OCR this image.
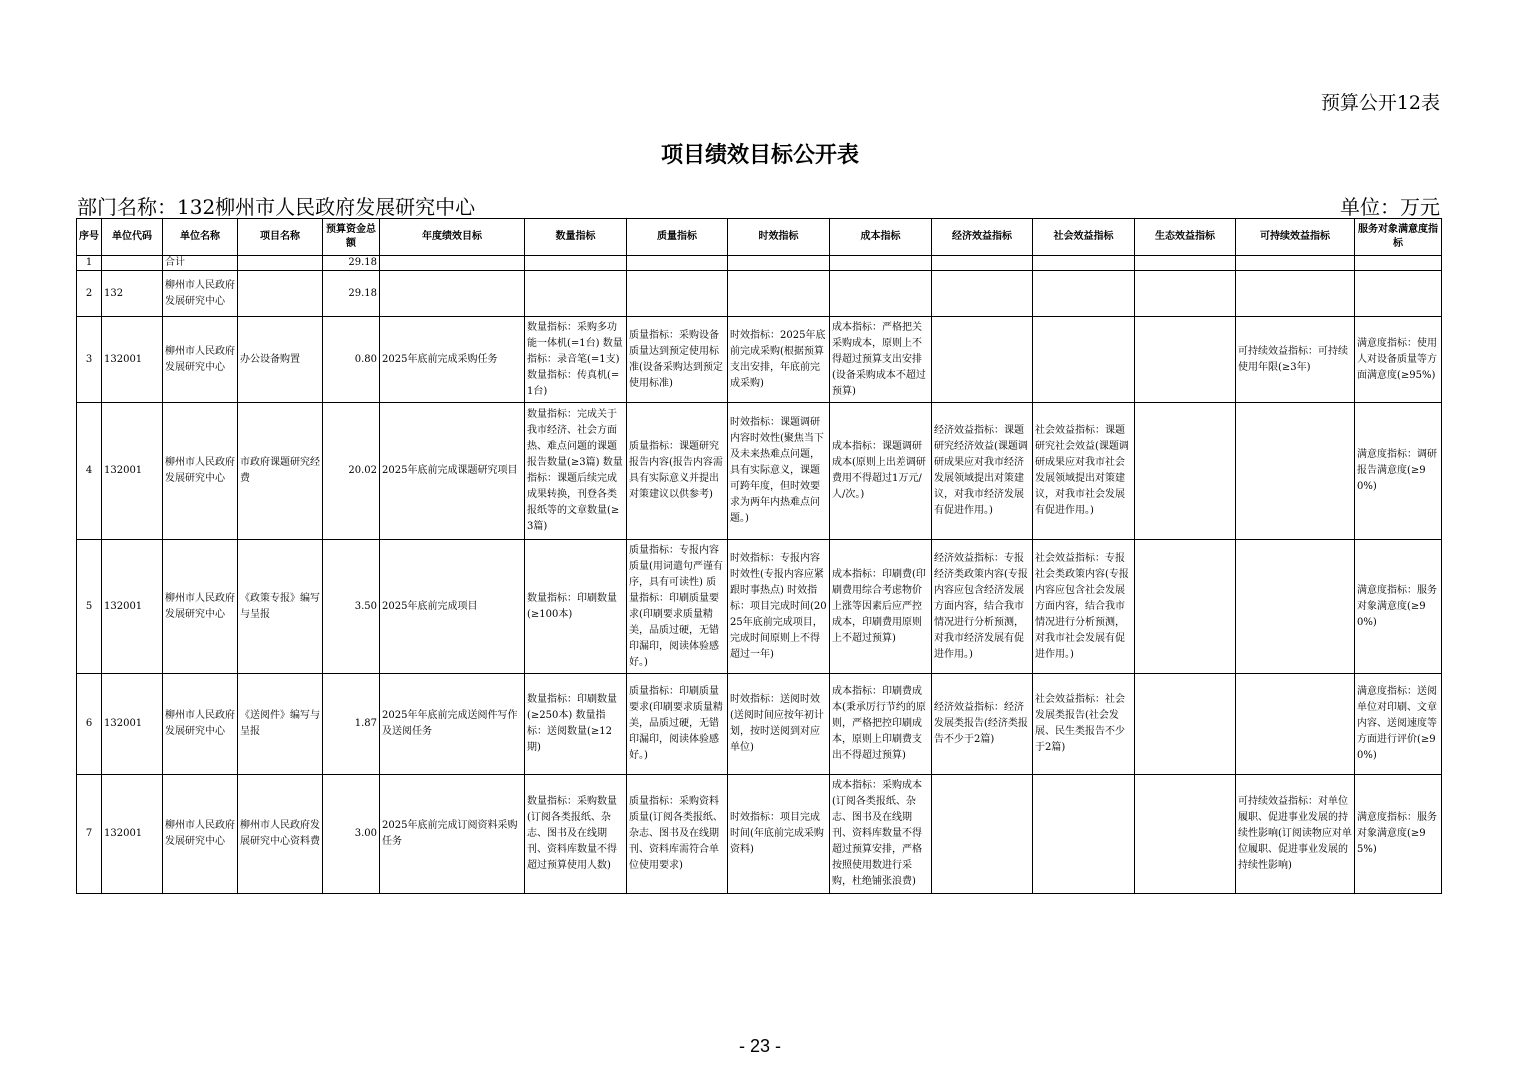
预算公开12表
项目绩效目标公开表
部门名称：132柳州市人民政府发展研究中心	单位：万元
序号	单位代码	单位名称	项目名称	预算资金总额	年度绩效目标	数量指标	质量指标	时效指标	成本指标	经济效益指标	社会效益指标	生态效益指标	可持续效益指标	服务对象满意度指标
1		合计		29.18										
2	132	柳州市人民政府发展研究中心		29.18										
3	132001	柳州市人民政府发展研究中心	办公设备购置	0.80	2025年底前完成采购任务	数量指标：采购多功能一体机(=1台) 数量指标：录音笔(=1支) 数量指标：传真机(=1台)	质量指标：采购设备质量达到预定使用标准(设备采购达到预定使用标准)	时效指标：2025年底前完成采购(根据预算支出安排，年底前完成采购)	成本指标：严格把关采购成本，原则上不得超过预算支出安排(设备采购成本不超过预算)				可持续效益指标：可持续使用年限(≥3年)	满意度指标：使用人对设备质量等方面满意度(≥95%)
4	132001	柳州市人民政府发展研究中心	市政府课题研究经费	20.02	2025年底前完成课题研究项目	数量指标：完成关于我市经济、社会方面热、难点问题的课题报告数量(≥3篇) 数量指标：课题后续完成成果转换，刊登各类报纸等的文章数量(≥3篇)	质量指标：课题研究报告内容(报告内容需具有实际意义并提出对策建议以供参考)	时效指标：课题调研内容时效性(聚焦当下及未来热难点问题，具有实际意义，课题可跨年度，但时效要求为两年内热难点问题。)	成本指标：课题调研成本(原则上出差调研费用不得超过1万元/人/次。)	经济效益指标：课题研究经济效益(课题调研成果应对我市经济发展领域提出对策建议，对我市经济发展有促进作用。)	社会效益指标：课题研究社会效益(课题调研成果应对我市社会发展领域提出对策建议，对我市社会发展有促进作用。)			满意度指标：调研报告满意度(≥90%)
5	132001	柳州市人民政府发展研究中心	《政策专报》编写与呈报	3.50	2025年底前完成项目	数量指标：印刷数量(≥100本)	质量指标：专报内容质量(用词遣句严谨有序，具有可读性) 质量指标：印刷质量要求(印刷要求质量精美，品质过硬，无错印漏印，阅读体验感好。)	时效指标：专报内容时效性(专报内容应紧跟时事热点) 时效指标：项目完成时间(2025年底前完成项目，完成时间原则上不得超过一年)	成本指标：印刷费(印刷费用综合考虑物价上涨等因素后应严控成本，印刷费用原则上不超过预算)	经济效益指标：专报经济类政策内容(专报内容应包含经济发展方面内容，结合我市情况进行分析预测，对我市经济发展有促进作用。)	社会效益指标：专报社会类政策内容(专报内容应包含社会发展方面内容，结合我市情况进行分析预测，对我市社会发展有促进作用。)			满意度指标：服务对象满意度(≥90%)
6	132001	柳州市人民政府发展研究中心	《送阅件》编写与呈报	1.87	2025年年底前完成送阅件写作及送阅任务	数量指标：印刷数量(≥250本) 数量指标：送阅数量(≥12期)	质量指标：印刷质量要求(印刷要求质量精美，品质过硬，无错印漏印，阅读体验感好。)	时效指标：送阅时效(送阅时间应按年初计划，按时送阅到对应单位)	成本指标：印刷费成本(秉承厉行节约的原则，严格把控印刷成本，原则上印刷费支出不得超过预算)	经济效益指标：经济发展类报告(经济类报告不少于2篇)	社会效益指标：社会发展类报告(社会发展、民生类报告不少于2篇)			满意度指标：送阅单位对印刷、文章内容、送阅速度等方面进行评价(≥90%)
7	132001	柳州市人民政府发展研究中心	柳州市人民政府发展研究中心资料费	3.00	2025年底前完成订阅资料采购任务	数量指标：采购数量(订阅各类报纸、杂志、图书及在线期刊、资料库数量不得超过预算使用人数)	质量指标：采购资料质量(订阅各类报纸、杂志、图书及在线期刊、资料库需符合单位使用要求)	时效指标：项目完成时间(年底前完成采购资料)	成本指标：采购成本(订阅各类报纸、杂志、图书及在线期刊、资料库数量不得超过预算安排，严格按照使用数进行采购，杜绝铺张浪费)				可持续效益指标：对单位履职、促进事业发展的持续性影响(订阅读物应对单位履职、促进事业发展的持续性影响)	满意度指标：服务对象满意度(≥95%)
- 23 -
